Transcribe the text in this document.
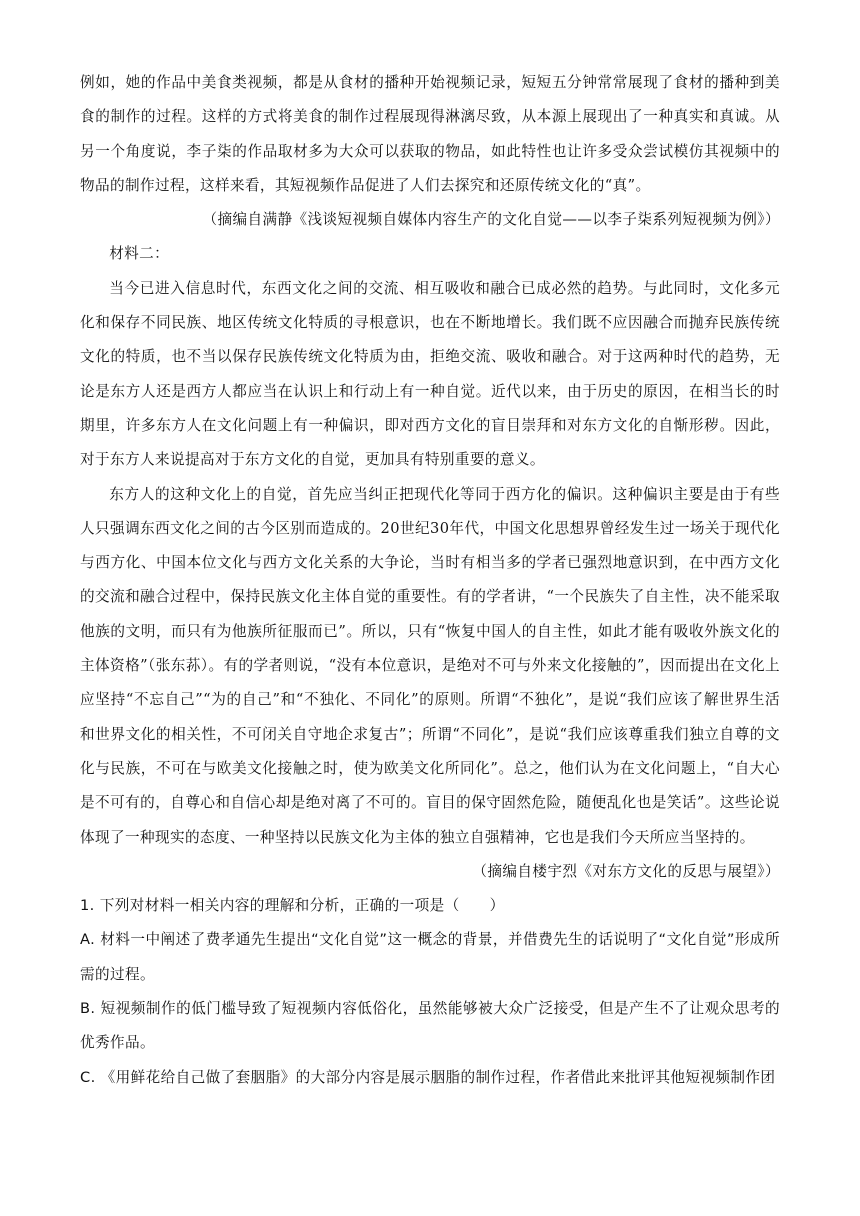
例如，她的作品中美食类视频，都是从食材的播种开始视频记录，短短五分钟常常展现了食材的播种到美食的制作的过程。这样的方式将美食的制作过程展现得淋漓尽致，从本源上展现出了一种真实和真诚。从另一个角度说，李子柒的作品取材多为大众可以获取的物品，如此特性也让许多受众尝试模仿其视频中的物品的制作过程，这样来看，其短视频作品促进了人们去探究和还原传统文化的“真”。

（摘编自满静《浅谈短视频自媒体内容生产的文化自觉——以李子柒系列短视频为例》）

材料二：

当今已进入信息时代，东西文化之间的交流、相互吸收和融合已成必然的趋势。与此同时，文化多元化和保存不同民族、地区传统文化特质的寻根意识，也在不断地增长。我们既不应因融合而抛弃民族传统文化的特质，也不当以保存民族传统文化特质为由，拒绝交流、吸收和融合。对于这两种时代的趋势，无论是东方人还是西方人都应当在认识上和行动上有一种自觉。近代以来，由于历史的原因，在相当长的时期里，许多东方人在文化问题上有一种偏识，即对西方文化的盲目崇拜和对东方文化的自惭形秽。因此，对于东方人来说提高对于东方文化的自觉，更加具有特别重要的意义。

东方人的这种文化上的自觉，首先应当纠正把现代化等同于西方化的偏识。这种偏识主要是由于有些人只强调东西文化之间的古今区别而造成的。20世纪30年代，中国文化思想界曾经发生过一场关于现代化与西方化、中国本位文化与西方文化关系的大争论，当时有相当多的学者已强烈地意识到，在中西方文化的交流和融合过程中，保持民族文化主体自觉的重要性。有的学者讲，“一个民族失了自主性，决不能采取他族的文明，而只有为他族所征服而已”。所以，只有“恢复中国人的自主性，如此才能有吸收外族文化的主体资格”（张东荪）。有的学者则说，“没有本位意识，是绝对不可与外来文化接触的”，因而提出在文化上应坚持“不忘自己”“为的自己”和“不独化、不同化”的原则。所谓“不独化”，是说“我们应该了解世界生活和世界文化的相关性，不可闭关自守地企求复古”；所谓“不同化”，是说“我们应该尊重我们独立自尊的文化与民族，不可在与欧美文化接触之时，使为欧美文化所同化”。总之，他们认为在文化问题上，“自大心是不可有的，自尊心和自信心却是绝对离了不可的。盲目的保守固然危险，随便乱化也是笑话”。这些论说体现了一种现实的态度、一种坚持以民族文化为主体的独立自强精神，它也是我们今天所应当坚持的。

（摘编自楼宇烈《对东方文化的反思与展望》）

1. 下列对材料一相关内容的理解和分析，正确的一项是（　　）

A. 材料一中阐述了费孝通先生提出“文化自觉”这一概念的背景，并借费先生的话说明了“文化自觉”形成所需的过程。

B. 短视频制作的低门槛导致了短视频内容低俗化，虽然能够被大众广泛接受，但是产生不了让观众思考的优秀作品。

C. 《用鲜花给自己做了套胭脂》的大部分内容是展示胭脂的制作过程，作者借此来批评其他短视频制作团
